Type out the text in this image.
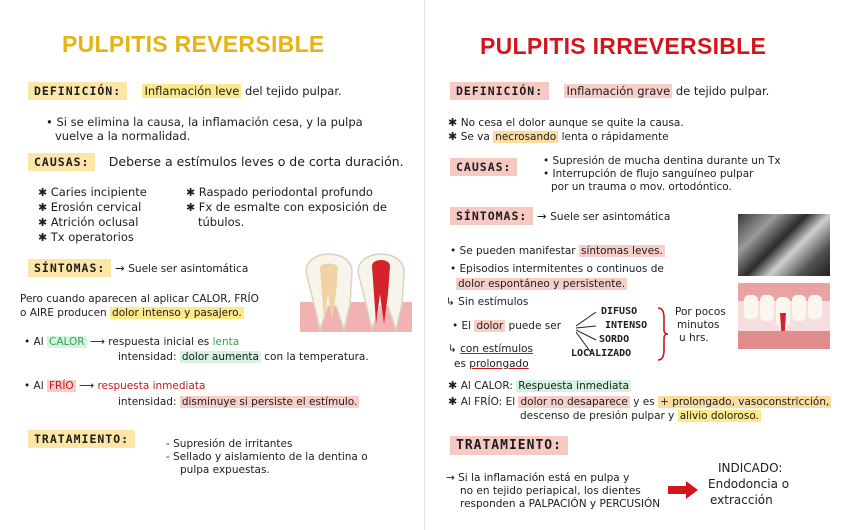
PULPITIS REVERSIBLE
DEFINICIÓN: Inflamación leve del tejido pulpar.
• Si se elimina la causa, la inflamación cesa, y la pulpa
vuelve a la normalidad.
CAUSAS: Deberse a estímulos leves o de corta duración.
✱ Caries incipiente
✱ Erosión cervical
✱ Atrición oclusal
✱ Tx operatorios
✱ Raspado periodontal profundo
✱ Fx de esmalte con exposición de
túbulos.
SÍNTOMAS: → Suele ser asintomática
Pero cuando aparecen al aplicar CALOR, FRÍO
o AIRE producen dolor intenso y pasajero.
• Al CALOR ⟶ respuesta inicial es lenta
intensidad: dolor aumenta con la temperatura.
• Al FRÍO ⟶ respuesta inmediata
intensidad: disminuye si persiste el estímulo.
TRATAMIENTO:	- Supresión de irritantes
- Sellado y aislamiento de la dentina o
pulpa expuestas.
PULPITIS IRREVERSIBLE
DEFINICIÓN: Inflamación grave de tejido pulpar.
✱ No cesa el dolor aunque se quite la causa.
✱ Se va necrosando lenta o rápidamente
CAUSAS:	• Supresión de mucha dentina durante un Tx
• Interrupción de flujo sanguíneo pulpar
por un trauma o mov. ortodóntico.
SÍNTOMAS: → Suele ser asintomática
• Se pueden manifestar síntomas leves.
• Episodios intermitentes o continuos de
dolor espontáneo y persistente.
↳ Sin estímulos
• El dolor puede ser
DIFUSO
INTENSO
SORDO
LOCALIZADO
Por pocos
minutos
u hrs.
↳ con estímulos
es prolongado
✱ Al CALOR: Respuesta inmediata
✱ Al FRÍO: El dolor no desaparece y es + prolongado, vasoconstricción,
descenso de presión pulpar y alivio doloroso.
TRATAMIENTO:
→ Si la inflamación está en pulpa y
no en tejido periapical, los dientes
responden a PALPACIÓN y PERCUSIÓN
INDICADO:
Endodoncia o
extracción
